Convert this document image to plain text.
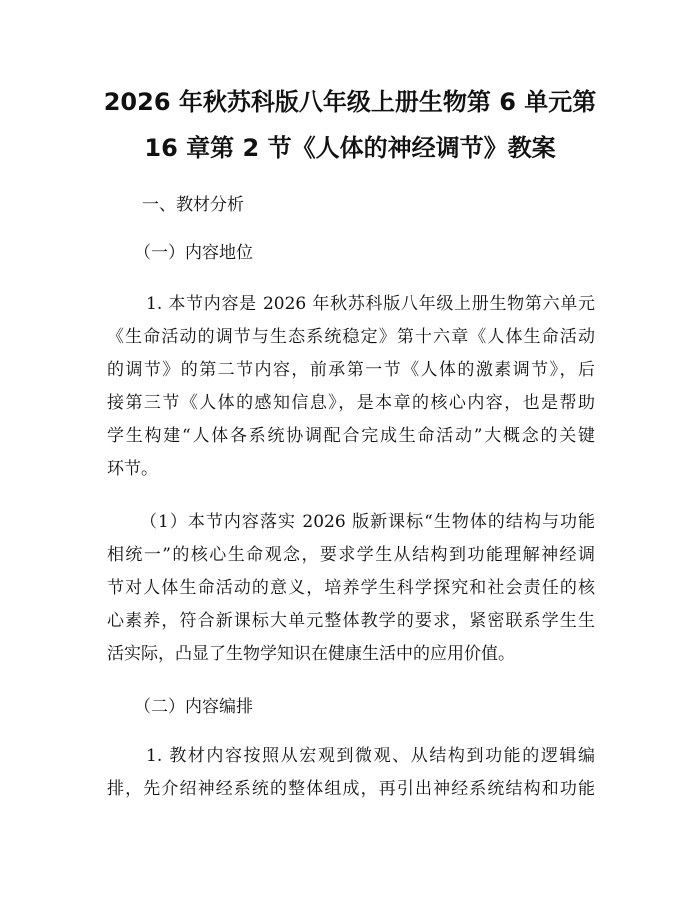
2026 年秋苏科版八年级上册生物第 6 单元第
16 章第 2 节《人体的神经调节》教案

一、教材分析

（一）内容地位

1. 本节内容是 2026 年秋苏科版八年级上册生物第六单元

《生命活动的调节与生态系统稳定》第十六章《人体生命活动

的调节》的第二节内容，前承第一节《人体的激素调节》，后

接第三节《人体的感知信息》，是本章的核心内容，也是帮助

学生构建“人体各系统协调配合完成生命活动”大概念的关键

环节。

（1）本节内容落实 2026 版新课标“生物体的结构与功能

相统一”的核心生命观念，要求学生从结构到功能理解神经调

节对人体生命活动的意义，培养学生科学探究和社会责任的核

心素养，符合新课标大单元整体教学的要求，紧密联系学生生

活实际，凸显了生物学知识在健康生活中的应用价值。

（二）内容编排

1. 教材内容按照从宏观到微观、从结构到功能的逻辑编

排，先介绍神经系统的整体组成，再引出神经系统结构和功能
